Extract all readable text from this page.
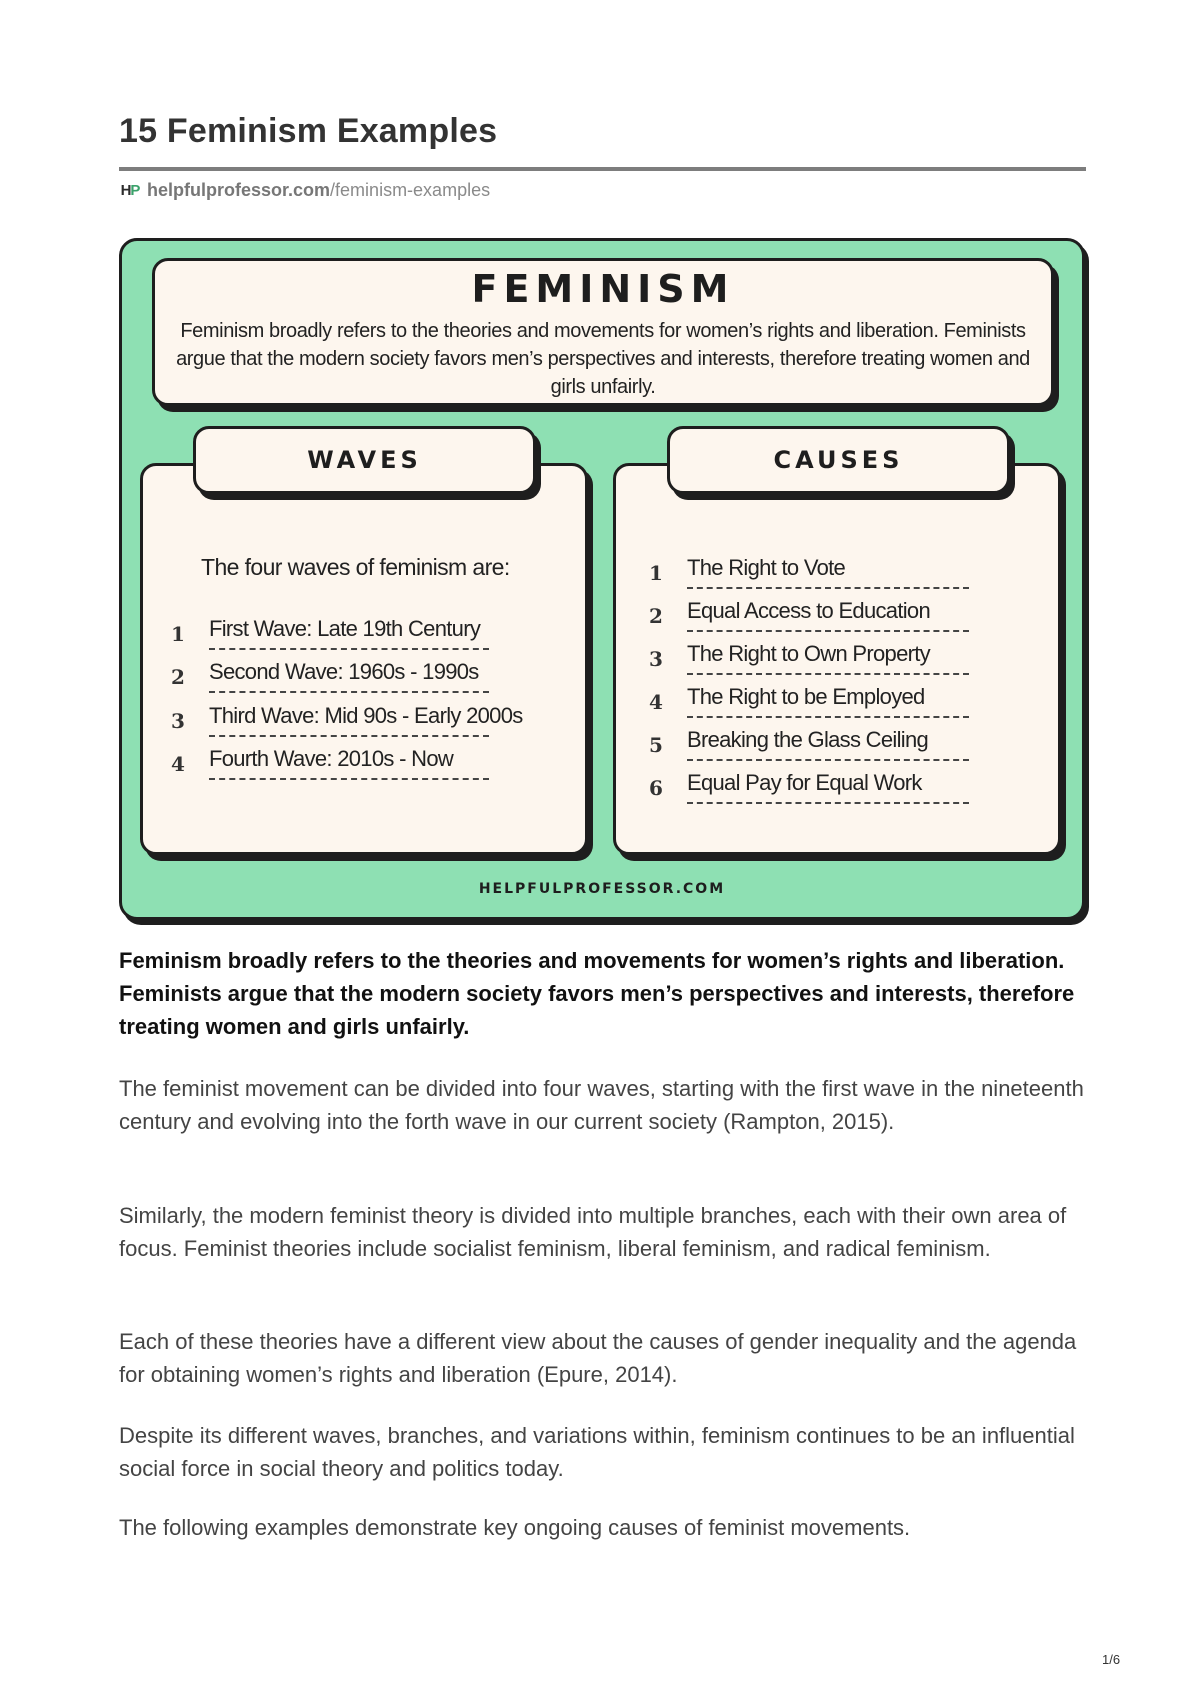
15 Feminism Examples
H P helpfulprofessor.com/feminism-examples
FEMINISM
Feminism broadly refers to the theories and movements for women’s rights and liberation. Feminists argue that the modern society favors men’s perspectives and interests, therefore treating women and girls unfairly.
The four waves of feminism are:
1	First Wave: Late 19th Century
2	Second Wave: 1960s - 1990s
3	Third Wave: Mid 90s - Early 2000s
4	Fourth Wave: 2010s - Now
1	The Right to Vote
2	Equal Access to Education
3	The Right to Own Property
4	The Right to be Employed
5	Breaking the Glass Ceiling
6	Equal Pay for Equal Work
WAVES	CAUSES
HELPFULPROFESSOR.COM

Feminism broadly refers to the theories and movements for women’s rights and liberation. Feminists argue that the modern society favors men’s perspectives and interests, therefore treating women and girls unfairly.

The feminist movement can be divided into four waves, starting with the first wave in the nineteenth century and evolving into the forth wave in our current society (Rampton, 2015).

Similarly, the modern feminist theory is divided into multiple branches, each with their own area of focus. Feminist theories include socialist feminism, liberal feminism, and radical feminism.

Each of these theories have a different view about the causes of gender inequality and the agenda for obtaining women’s rights and liberation (Epure, 2014).

Despite its different waves, branches, and variations within, feminism continues to be an influential social force in social theory and politics today.

The following examples demonstrate key ongoing causes of feminist movements.

1/6
